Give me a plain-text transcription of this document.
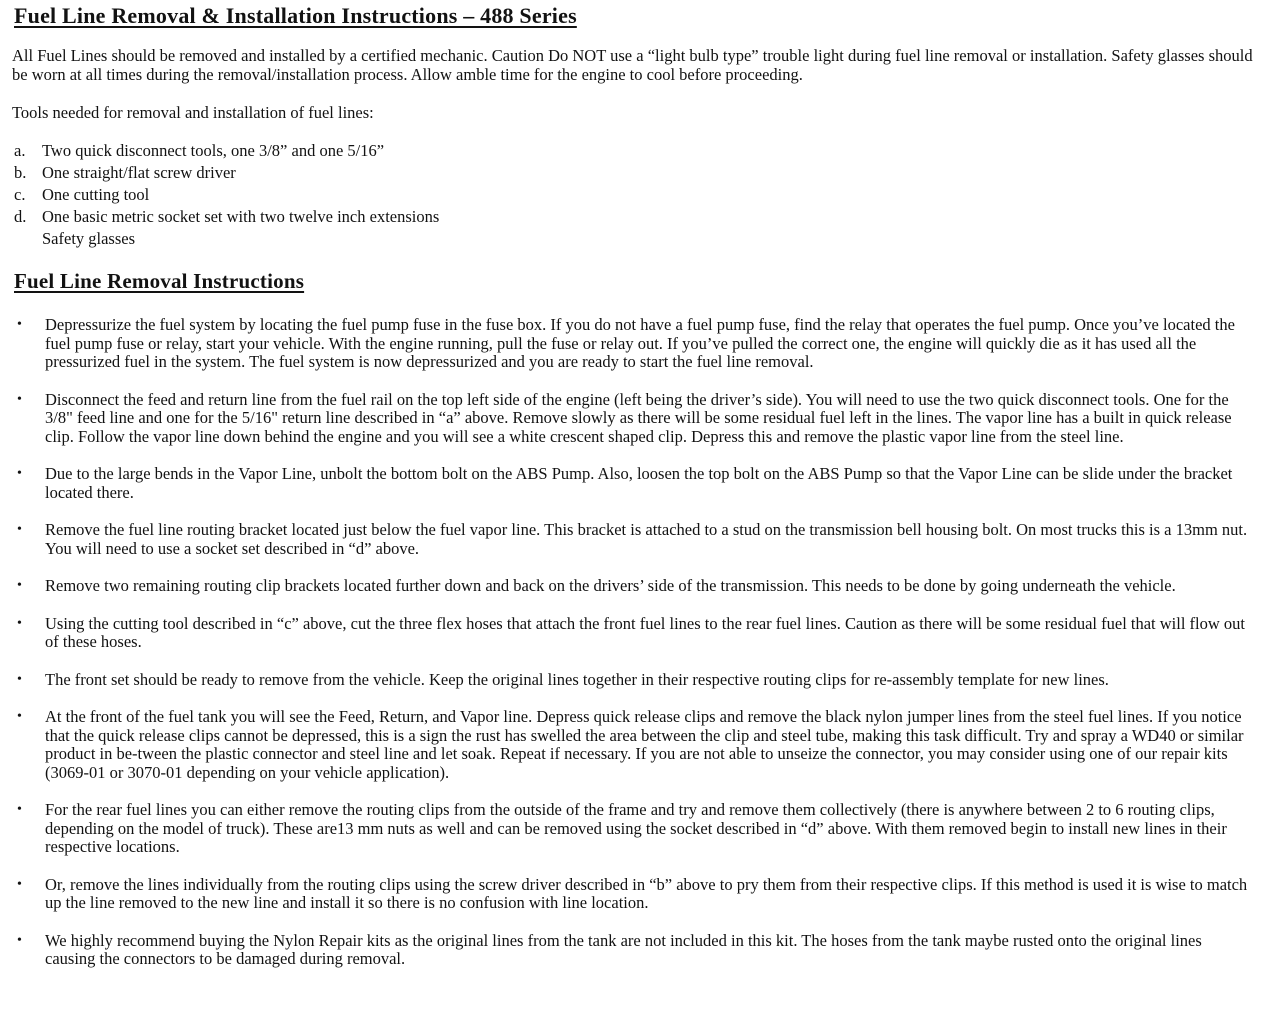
Fuel Line Removal & Installation Instructions – 488 Series

All Fuel Lines should be removed and installed by a certified mechanic. Caution Do NOT use a “light bulb type” trouble light during fuel line removal or installation. Safety glasses should be worn at all times during the removal/installation process. Allow amble time for the engine to cool before proceeding.

Tools needed for removal and installation of fuel lines:

a.	Two quick disconnect tools, one 3/8” and one 5/16”
b. One straight/flat screw driver
c.	One cutting tool
d. One basic metric socket set with two twelve inch extensions
Safety glasses
Fuel Line Removal Instructions
•	Depressurize the fuel system by locating the fuel pump fuse in the fuse box. If you do not have a fuel pump fuse, find the relay that operates the fuel pump. Once you’ve located the fuel pump fuse or relay, start your vehicle. With the engine running, pull the fuse or relay out. If you’ve pulled the correct one, the engine will quickly die as it has used all the pressurized fuel in the system. The fuel system is now depressurized and you are ready to start the fuel line removal.
•	Disconnect the feed and return line from the fuel rail on the top left side of the engine (left being the driver’s side). You will need to use the two quick disconnect tools. One for the 3/8" feed line and one for the 5/16" return line described in “a” above. Remove slowly as there will be some residual fuel left in the lines. The vapor line has a built in quick release clip. Follow the vapor line down behind the engine and you will see a white crescent shaped clip. Depress this and remove the plastic vapor line from the steel line.
•	Due to the large bends in the Vapor Line, unbolt the bottom bolt on the ABS Pump. Also, loosen the top bolt on the ABS Pump so that the Vapor Line can be slide under the bracket located there.
•	Remove the fuel line routing bracket located just below the fuel vapor line. This bracket is attached to a stud on the transmission bell housing bolt. On most trucks this is a 13mm nut. You will need to use a socket set described in “d” above.
•	Remove two remaining routing clip brackets located further down and back on the drivers’ side of the transmission. This needs to be done by going underneath the vehicle.
•	Using the cutting tool described in “c” above, cut the three flex hoses that attach the front fuel lines to the rear fuel lines. Caution as there will be some residual fuel that will flow out of these hoses.
•	The front set should be ready to remove from the vehicle. Keep the original lines together in their respective routing clips for re-assembly template for new lines.
•	At the front of the fuel tank you will see the Feed, Return, and Vapor line. Depress quick release clips and remove the black nylon jumper lines from the steel fuel lines. If you notice that the quick release clips cannot be depressed, this is a sign the rust has swelled the area between the clip and steel tube, making this task difficult. Try and spray a WD40 or similar product in be-tween the plastic connector and steel line and let soak. Repeat if necessary. If you are not able to unseize the connector, you may consider using one of our repair kits (3069-01 or 3070-01 depending on your vehicle application).
•	For the rear fuel lines you can either remove the routing clips from the outside of the frame and try and remove them collectively (there is anywhere between 2 to 6 routing clips, depending on the model of truck). These are13 mm nuts as well and can be removed using the socket described in “d” above. With them removed begin to install new lines in their respective locations.
•	Or, remove the lines individually from the routing clips using the screw driver described in “b” above to pry them from their respective clips. If this method is used it is wise to match up the line removed to the new line and install it so there is no confusion with line location.
•	We highly recommend buying the Nylon Repair kits as the original lines from the tank are not included in this kit. The hoses from the tank maybe rusted onto the original lines causing the connectors to be damaged during removal.
